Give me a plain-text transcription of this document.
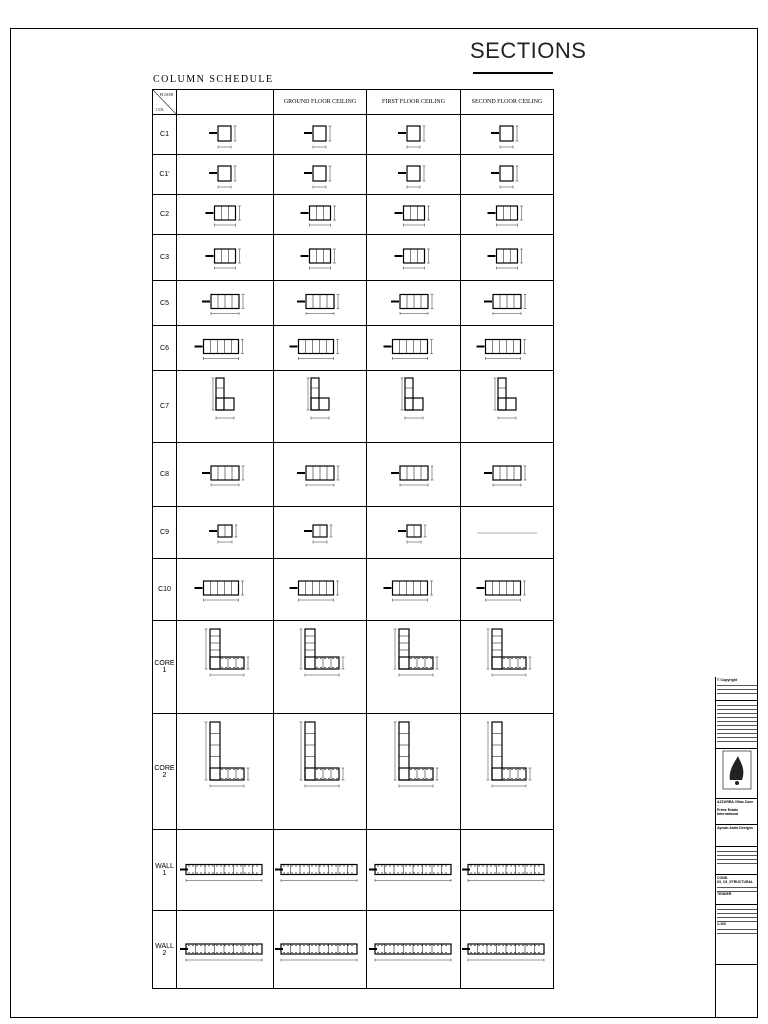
SECTIONS
COLUMN SCHEDULE
FLOOR
COL		GROUND FLOOR CEILING	FIRST FLOOR CEILING	SECOND FLOOR CEILING
C1	

C1'	

C2	

C3	

C5	

C6	

C7	

C8	

C9	

C10	

CORE 1	

CORE 2	

WALL 1	

WALL 2	

© Copyright
AZZURRA Villas Zone
—
Prime Estate International
Ayman Arabi Designs
COND-03_C6_STRUCTURAL
TENDER
1:100
